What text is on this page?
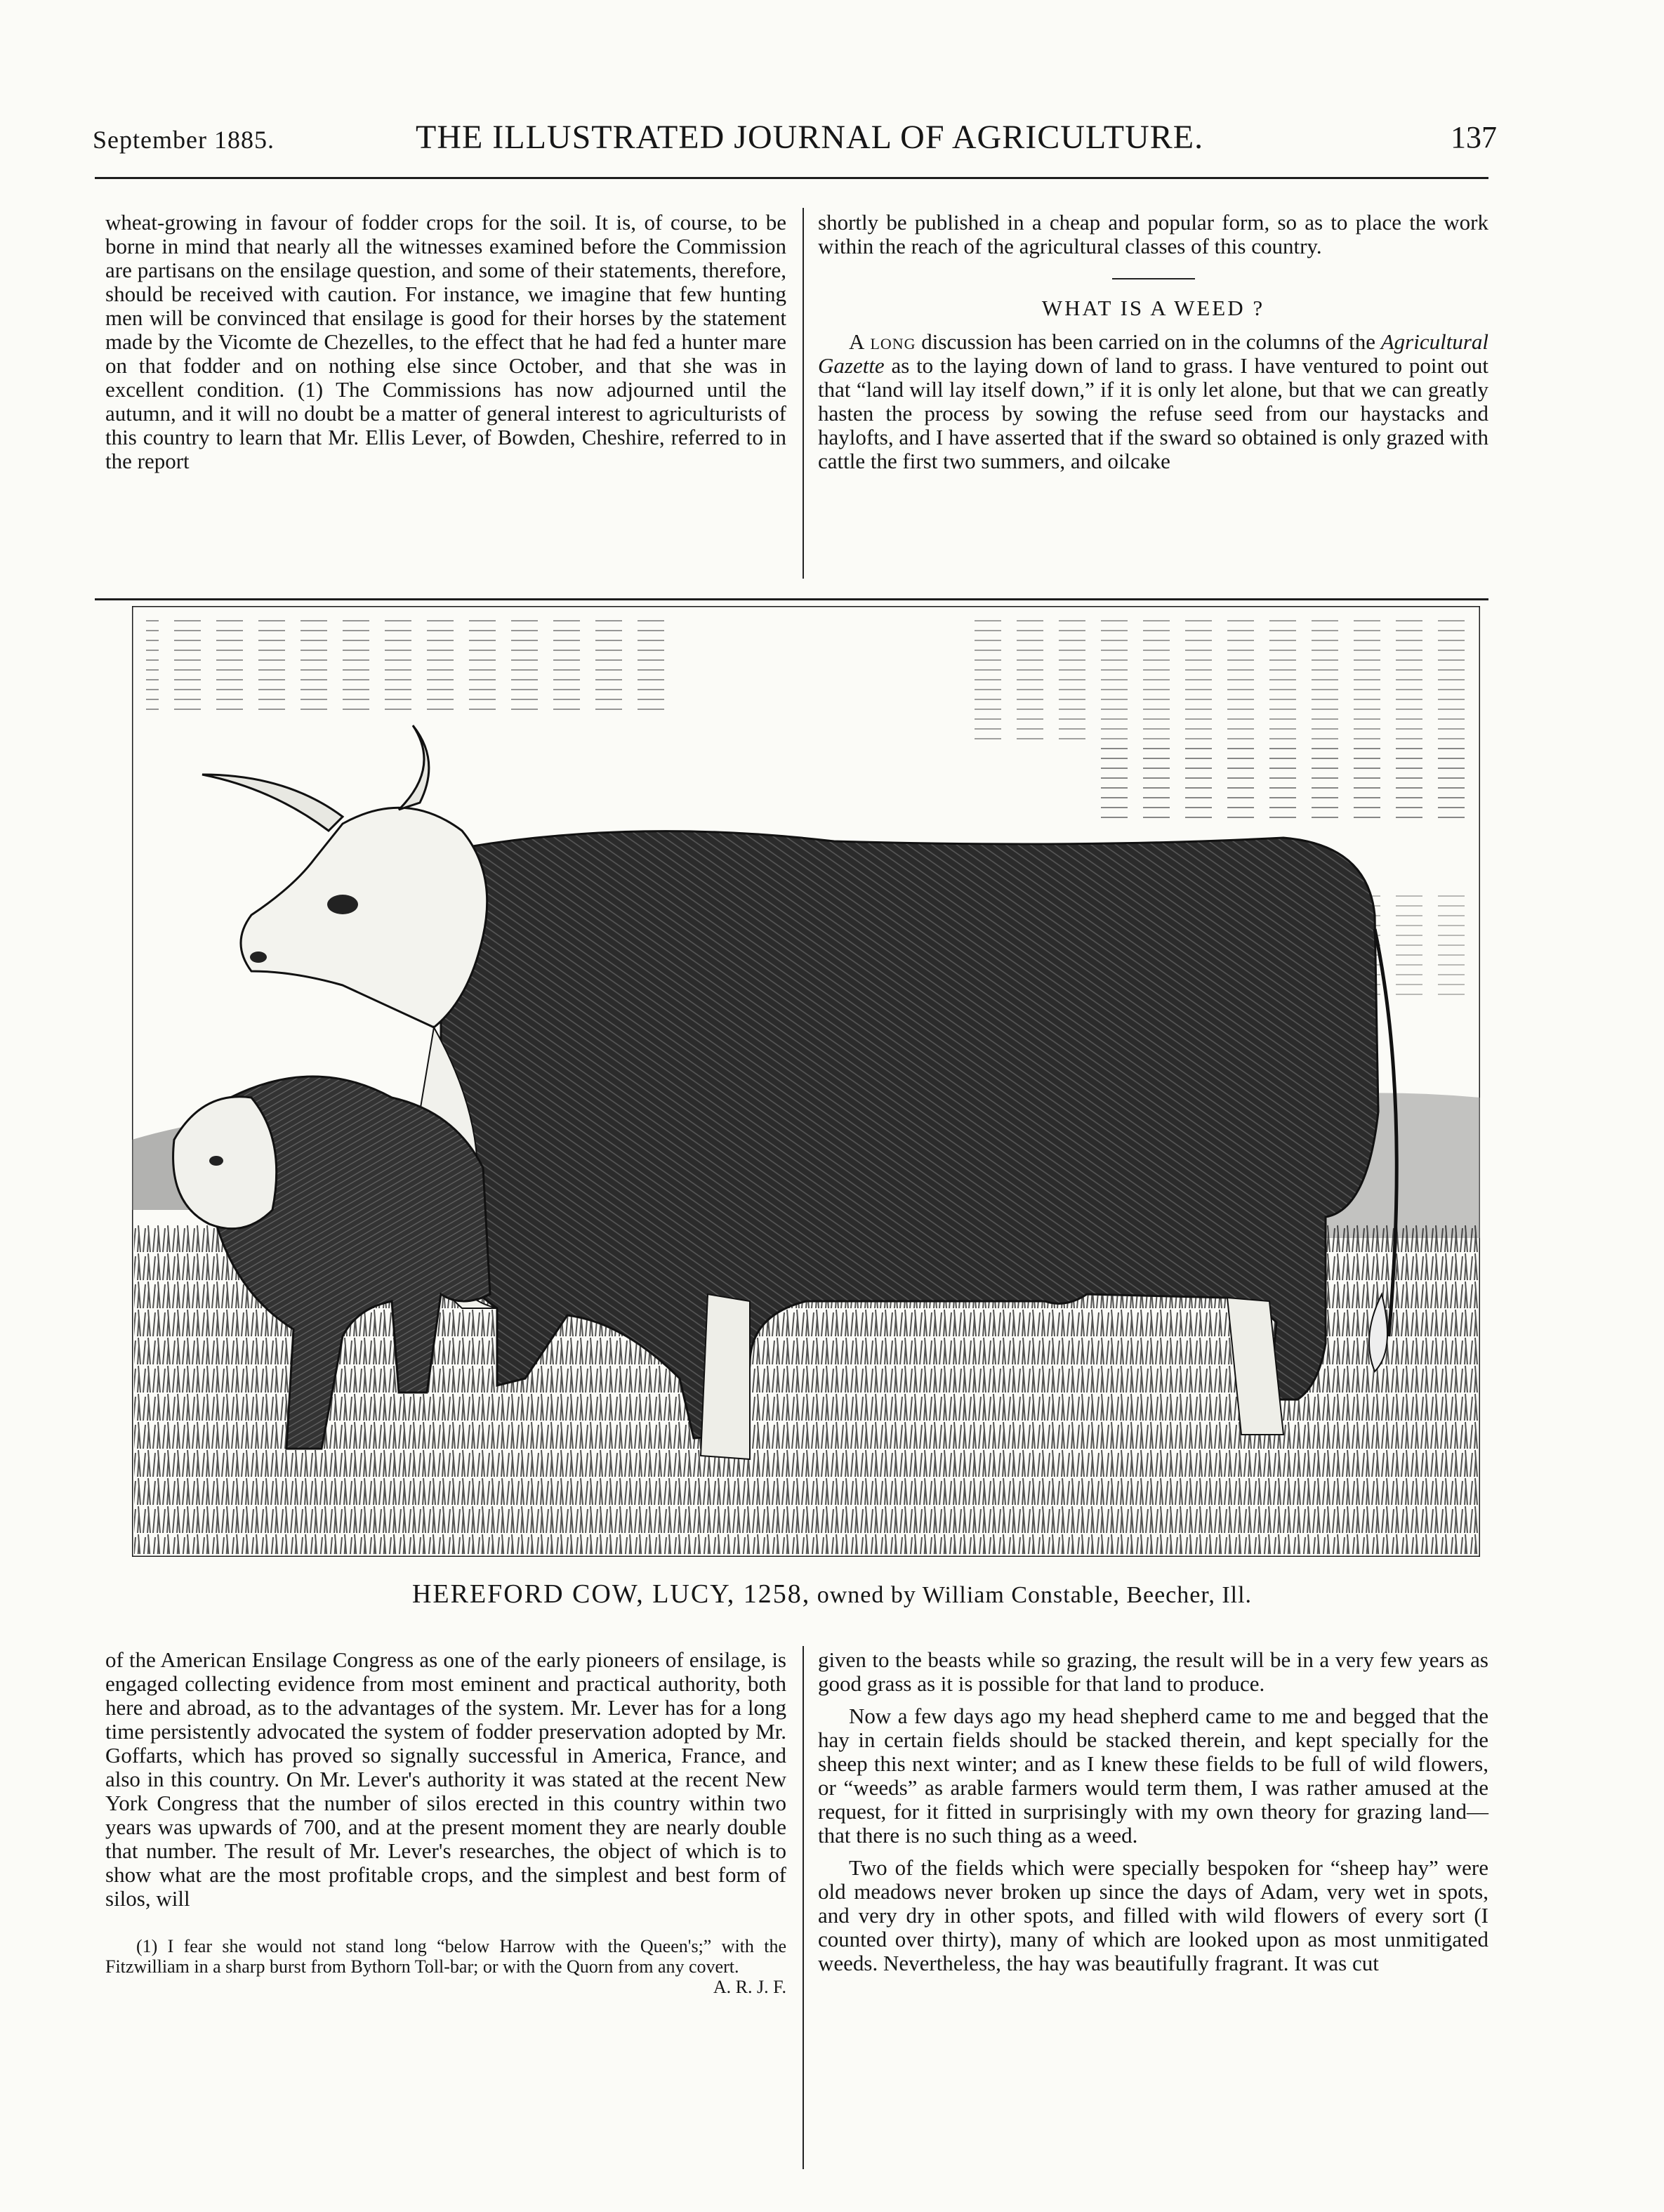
September 1885.	THE ILLUSTRATED JOURNAL OF AGRICULTURE.	137

wheat-growing in favour of fodder crops for the soil. It is, of course, to be borne in mind that nearly all the witnesses examined before the Commission are partisans on the ensilage question, and some of their statements, therefore, should be received with caution. For instance, we imagine that few hunting men will be convinced that ensilage is good for their horses by the statement made by the Vicomte de Chezelles, to the effect that he had fed a hunter mare on that fodder and on nothing else since October, and that she was in excellent condition. (1) The Commissions has now adjourned until the autumn, and it will no doubt be a matter of general interest to agriculturists of this country to learn that Mr. Ellis Lever, of Bowden, Cheshire, referred to in the report

shortly be published in a cheap and popular form, so as to place the work within the reach of the agricultural classes of this country.

WHAT IS A WEED ?

A long discussion has been carried on in the columns of the Agricultural Gazette as to the laying down of land to grass. I have ventured to point out that “land will lay itself down,” if it is only let alone, but that we can greatly hasten the process by sowing the refuse seed from our haystacks and haylofts, and I have asserted that if the sward so obtained is only grazed with cattle the first two summers, and oilcake

HEREFORD COW, LUCY, 1258, owned by William Constable, Beecher, Ill.

of the American Ensilage Congress as one of the early pioneers of ensilage, is engaged collecting evidence from most eminent and practical authority, both here and abroad, as to the advantages of the system. Mr. Lever has for a long time persistently advocated the system of fodder preservation adopted by Mr. Goffarts, which has proved so signally successful in America, France, and also in this country. On Mr. Lever's authority it was stated at the recent New York Congress that the number of silos erected in this country within two years was upwards of 700, and at the present moment they are nearly double that number. The result of Mr. Lever's researches, the object of which is to show what are the most profitable crops, and the simplest and best form of silos, will

(1) I fear she would not stand long “below Harrow with the Queen's;” with the Fitzwilliam in a sharp burst from Bythorn Toll-bar; or with the Quorn from any covert.
A. R. J. F.

given to the beasts while so grazing, the result will be in a very few years as good grass as it is possible for that land to produce.

Now a few days ago my head shepherd came to me and begged that the hay in certain fields should be stacked therein, and kept specially for the sheep this next winter; and as I knew these fields to be full of wild flowers, or “weeds” as arable farmers would term them, I was rather amused at the request, for it fitted in surprisingly with my own theory for grazing land—that there is no such thing as a weed.

Two of the fields which were specially bespoken for “sheep hay” were old meadows never broken up since the days of Adam, very wet in spots, and very dry in other spots, and filled with wild flowers of every sort (I counted over thirty), many of which are looked upon as most unmitigated weeds. Nevertheless, the hay was beautifully fragrant. It was cut
